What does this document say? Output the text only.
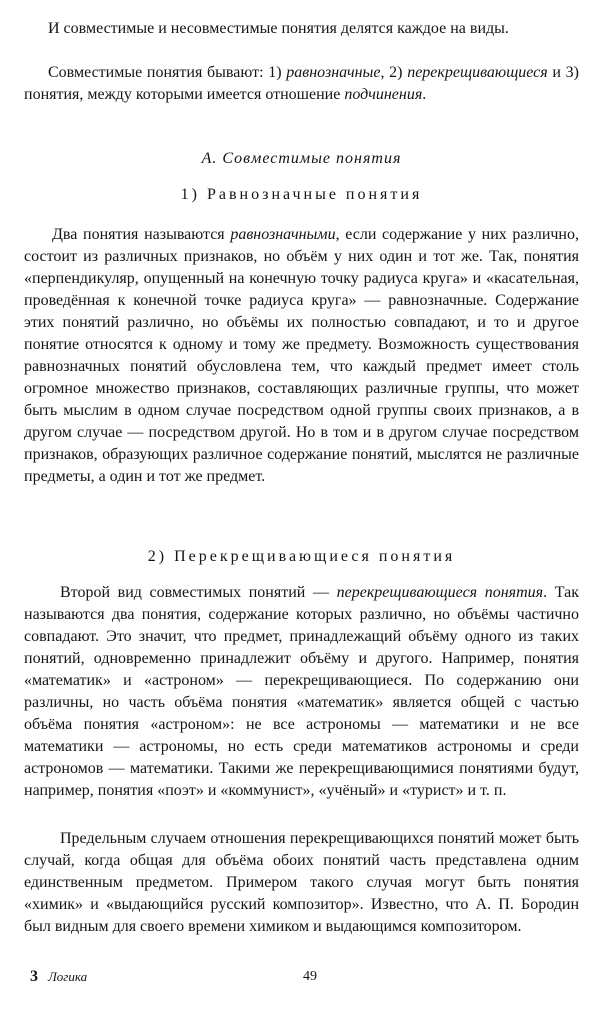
И совместимые и несовместимые понятия делятся каждое на виды.

Совместимые понятия бывают: 1) равнозначные, 2) перекрещивающиеся и 3) понятия, между которыми имеется отношение подчинения.

А. Совместимые понятия
1) Равнозначные понятия

Два понятия называются равнозначными, если содержание у них различно, состоит из различных признаков, но объём у них один и тот же. Так, понятия «перпендикуляр, опущенный на конечную точку радиуса круга» и «касательная, проведённая к конечной точке радиуса круга» — равнозначные. Содержание этих понятий различно, но объёмы их полностью совпадают, и то и другое понятие относятся к одному и тому же предмету. Возможность существования равнозначных понятий обусловлена тем, что каждый предмет имеет столь огромное множество признаков, составляющих различные группы, что может быть мыслим в одном случае посредством одной группы своих признаков, а в другом случае — посредством другой. Но в том и в другом случае посредством признаков, образующих различное содержание понятий, мыслятся не различные предметы, а один и тот же предмет.

2) Перекрещивающиеся понятия

Второй вид совместимых понятий — перекрещивающиеся понятия. Так называются два понятия, содержание которых различно, но объёмы частично совпадают. Это значит, что предмет, принадлежащий объёму одного из таких понятий, одновременно принадлежит объёму и другого. Например, понятия «математик» и «астроном» — перекрещивающиеся. По содержанию они различны, но часть объёма понятия «математик» является общей с частью объёма понятия «астроном»: не все астрономы — математики и не все математики — астрономы, но есть среди математиков астрономы и среди астрономов — математики. Такими же перекрещивающимися понятиями будут, например, понятия «поэт» и «коммунист», «учёный» и «турист» и т. п.

Предельным случаем отношения перекрещивающихся понятий может быть случай, когда общая для объёма обоих понятий часть представлена одним единственным предметом. Примером такого случая могут быть понятия «химик» и «выдающийся русский композитор». Известно, что А. П. Бородин был видным для своего времени химиком и выдающимся композитором.

3 Логика	49
